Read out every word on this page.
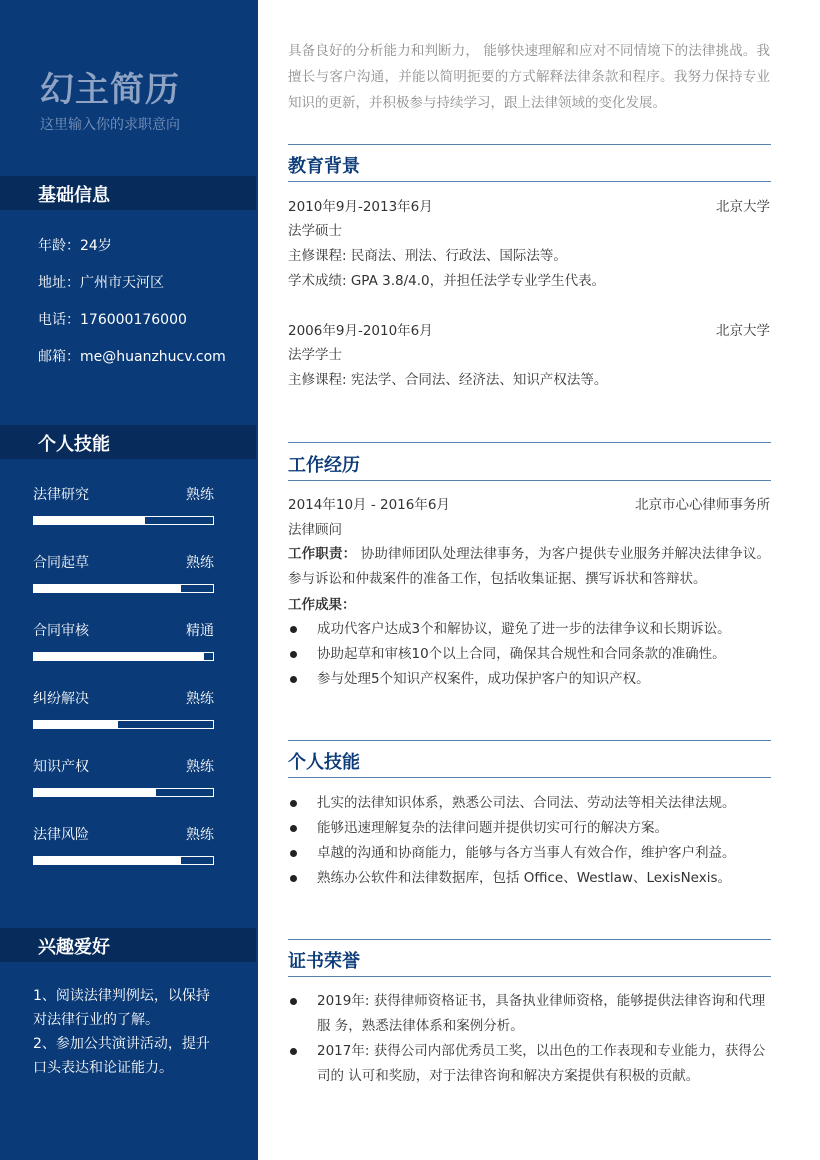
幻主简历
这里输入你的求职意向
基础信息
年龄：24岁
地址：广州市天河区
电话：176000176000
邮箱：me@huanzhucv.com
个人技能
法律研究	熟练
合同起草	熟练
合同审核	精通
纠纷解决	熟练
知识产权	熟练
法律风险	熟练
兴趣爱好
1、阅读法律判例坛，以保持对法律行业的了解。
2、参加公共演讲活动，提升口头表达和论证能力。
具备良好的分析能力和判断力， 能够快速理解和应对不同情境下的法律挑战。我擅长与客户沟通，并能以简明扼要的方式解释法律条款和程序。我努力保持专业知识的更新，并积极参与持续学习，跟上法律领域的变化发展。
教育背景
2010年9月-2013年6月	北京大学
法学硕士
主修课程: 民商法、刑法、行政法、国际法等。
学术成绩: GPA 3.8/4.0，并担任法学专业学生代表。
2006年9月-2010年6月	北京大学
法学学士
主修课程: 宪法学、合同法、经济法、知识产权法等。
工作经历
2014年10月 - 2016年6月	北京市心心律师事务所
法律顾问
工作职责： 协助律师团队处理法律事务，为客户提供专业服务并解决法律争议。 参与诉讼和仲裁案件的准备工作，包括收集证据、撰写诉状和答辩状。
工作成果：
成功代客户达成3个和解协议，避免了进一步的法律争议和长期诉讼。
协助起草和审核10个以上合同，确保其合规性和合同条款的准确性。
参与处理5个知识产权案件，成功保护客户的知识产权。
个人技能
扎实的法律知识体系，熟悉公司法、合同法、劳动法等相关法律法规。
能够迅速理解复杂的法律问题并提供切实可行的解决方案。
卓越的沟通和协商能力，能够与各方当事人有效合作，维护客户利益。
熟练办公软件和法律数据库，包括 Office、Westlaw、LexisNexis。
证书荣誉
2019年: 获得律师资格证书，具备执业律师资格，能够提供法律咨询和代理服 务，熟悉法律体系和案例分析。
2017年: 获得公司内部优秀员工奖，以出色的工作表现和专业能力，获得公司的 认可和奖励，对于法律咨询和解决方案提供有积极的贡献。
